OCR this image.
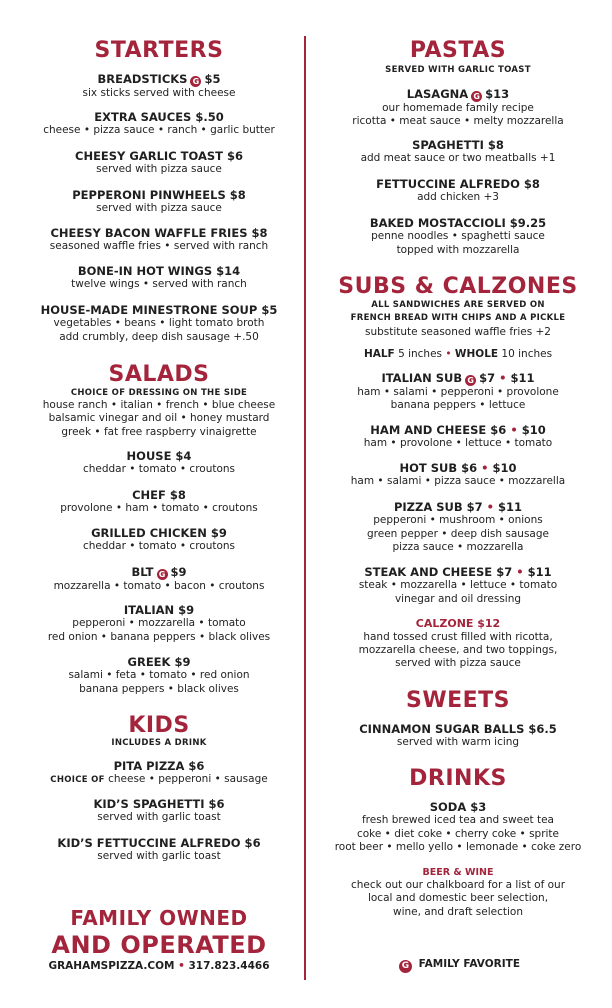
STARTERS
BREADSTICKS G $5
six sticks served with cheese
EXTRA SAUCES $.50
cheese • pizza sauce • ranch • garlic butter
CHEESY GARLIC TOAST $6
served with pizza sauce
PEPPERONI PINWHEELS $8
served with pizza sauce
CHEESY BACON WAFFLE FRIES $8
seasoned waffle fries • served with ranch
BONE-IN HOT WINGS $14
twelve wings • served with ranch
HOUSE-MADE MINESTRONE SOUP $5
vegetables • beans • light tomato broth
add crumbly, deep dish sausage +.50
SALADS
CHOICE OF DRESSING ON THE SIDE
house ranch • italian • french • blue cheese
balsamic vinegar and oil • honey mustard
greek • fat free raspberry vinaigrette
HOUSE $4
cheddar • tomato • croutons
CHEF $8
provolone • ham • tomato • croutons
GRILLED CHICKEN $9
cheddar • tomato • croutons
BLT G $9
mozzarella • tomato • bacon • croutons
ITALIAN $9
pepperoni • mozzarella • tomato
red onion • banana peppers • black olives
GREEK $9
salami • feta • tomato • red onion
banana peppers • black olives
KIDS
INCLUDES A DRINK
PITA PIZZA $6
CHOICE OF cheese • pepperoni • sausage
KID’S SPAGHETTI $6
served with garlic toast
KID’S FETTUCCINE ALFREDO $6
served with garlic toast
FAMILY OWNED
AND OPERATED
GRAHAMSPIZZA.COM • 317.823.4466
PASTAS
SERVED WITH GARLIC TOAST
LASAGNA G $13
our homemade family recipe
ricotta • meat sauce • melty mozzarella
SPAGHETTI $8
add meat sauce or two meatballs +1
FETTUCCINE ALFREDO $8
add chicken +3
BAKED MOSTACCIOLI $9.25
penne noodles • spaghetti sauce
topped with mozzarella
SUBS & CALZONES
ALL SANDWICHES ARE SERVED ON
FRENCH BREAD WITH CHIPS AND A PICKLE
substitute seasoned waffle fries +2
HALF 5 inches • WHOLE 10 inches
ITALIAN SUB G $7 • $11
ham • salami • pepperoni • provolone
banana peppers • lettuce
HAM AND CHEESE $6 • $10
ham • provolone • lettuce • tomato
HOT SUB $6 • $10
ham • salami • pizza sauce • mozzarella
PIZZA SUB $7 • $11
pepperoni • mushroom • onions
green pepper • deep dish sausage
pizza sauce • mozzarella
STEAK AND CHEESE $7 • $11
steak • mozzarella • lettuce • tomato
vinegar and oil dressing
CALZONE $12
hand tossed crust filled with ricotta,
mozzarella cheese, and two toppings,
served with pizza sauce
SWEETS
CINNAMON SUGAR BALLS $6.5
served with warm icing
DRINKS
SODA $3
fresh brewed iced tea and sweet tea
coke • diet coke • cherry coke • sprite
root beer • mello yello • lemonade • coke zero
BEER & WINE
check out our chalkboard for a list of our
local and domestic beer selection,
wine, and draft selection
G FAMILY FAVORITE
